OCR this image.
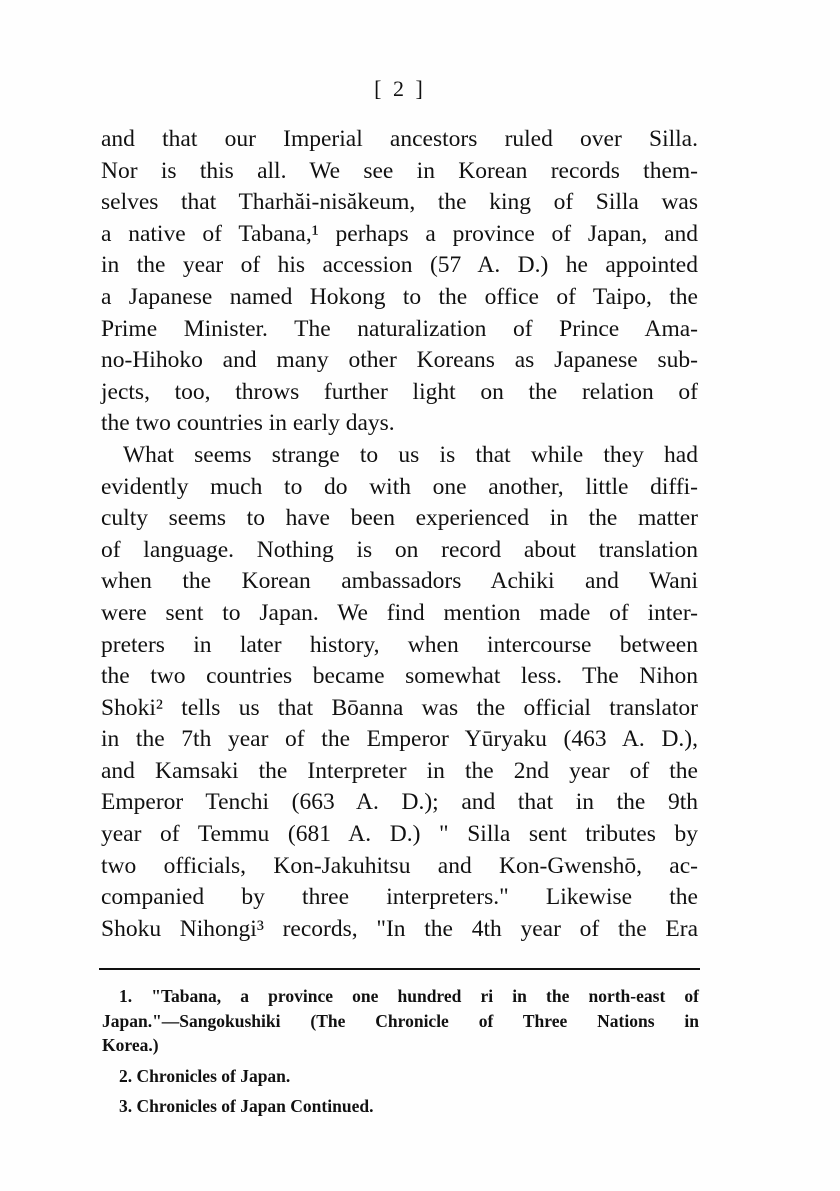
[ 2 ]
and that our Imperial ancestors ruled over Silla.
Nor is this all. We see in Korean records them-
selves that Tharhăi-nisăkeum, the king of Silla was
a native of Tabana,¹ perhaps a province of Japan, and
in the year of his accession (57 A. D.) he appointed
a Japanese named Hokong to the office of Taipo, the
Prime Minister. The naturalization of Prince Ama-
no-Hihoko and many other Koreans as Japanese sub-
jects, too, throws further light on the relation of
the two countries in early days.
What seems strange to us is that while they had
evidently much to do with one another, little diffi-
culty seems to have been experienced in the matter
of language. Nothing is on record about translation
when the Korean ambassadors Achiki and Wani
were sent to Japan. We find mention made of inter-
preters in later history, when intercourse between
the two countries became somewhat less. The Nihon
Shoki² tells us that Bōanna was the official translator
in the 7th year of the Emperor Yūryaku (463 A. D.),
and Kamsaki the Interpreter in the 2nd year of the
Emperor Tenchi (663 A. D.); and that in the 9th
year of Temmu (681 A. D.) " Silla sent tributes by
two officials, Kon-Jakuhitsu and Kon-Gwenshō, ac-
companied by three interpreters." Likewise the
Shoku Nihongi³ records, "In the 4th year of the Era
1. "Tabana, a province one hundred ri in the north-east of
Japan."—Sangokushiki (The Chronicle of Three Nations in
Korea.)
2. Chronicles of Japan.
3. Chronicles of Japan Continued.
